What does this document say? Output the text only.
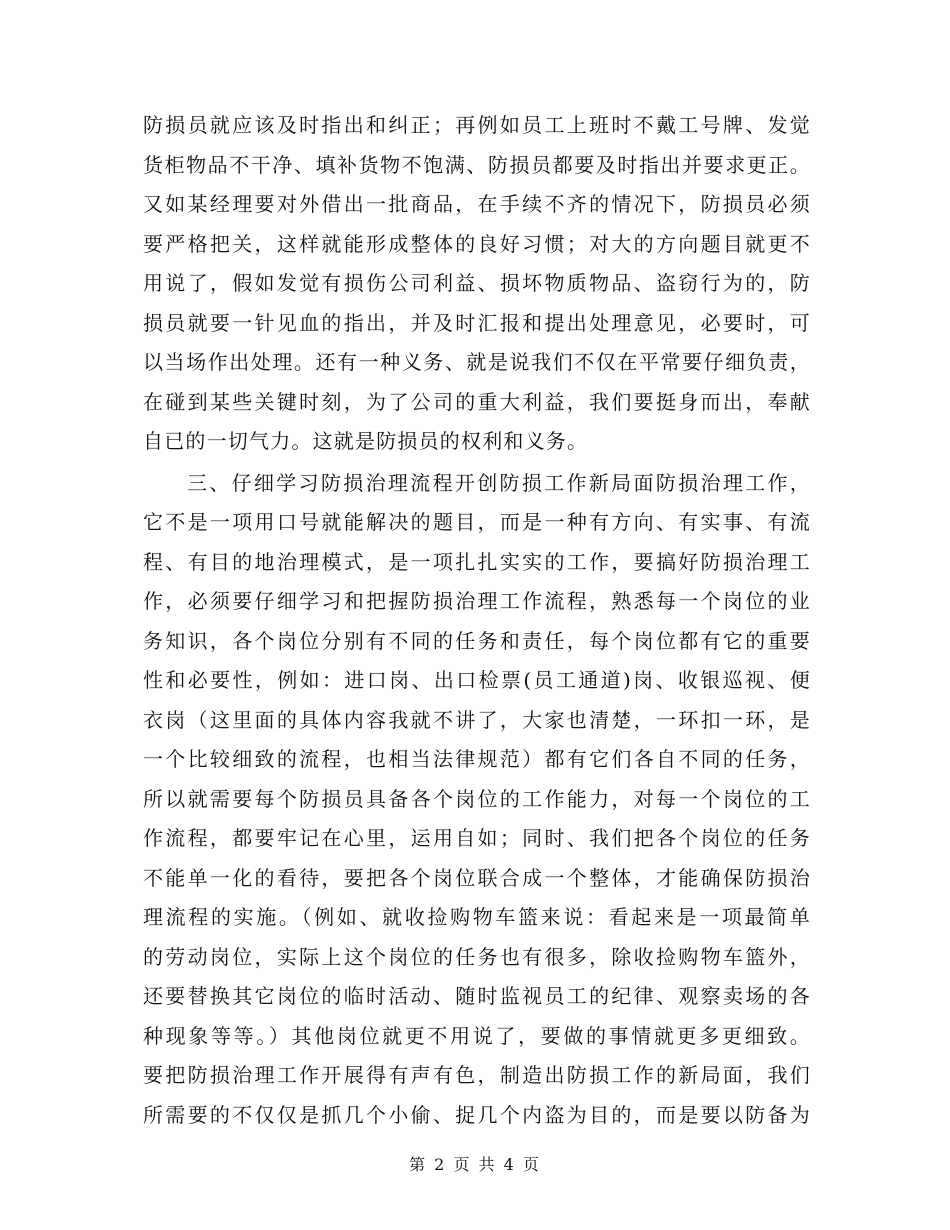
防损员就应该及时指出和纠正；再例如员工上班时不戴工号牌、发觉
货柜物品不干净、填补货物不饱满、防损员都要及时指出并要求更正。
又如某经理要对外借出一批商品，在手续不齐的情况下，防损员必须
要严格把关，这样就能形成整体的良好习惯；对大的方向题目就更不
用说了，假如发觉有损伤公司利益、损坏物质物品、盗窃行为的，防
损员就要一针见血的指出，并及时汇报和提出处理意见，必要时，可
以当场作出处理。还有一种义务、就是说我们不仅在平常要仔细负责，
在碰到某些关键时刻，为了公司的重大利益，我们要挺身而出，奉献
自已的一切气力。这就是防损员的权利和义务。
三、仔细学习防损治理流程开创防损工作新局面防损治理工作，
它不是一项用口号就能解决的题目，而是一种有方向、有实事、有流
程、有目的地治理模式，是一项扎扎实实的工作，要搞好防损治理工
作，必须要仔细学习和把握防损治理工作流程，熟悉每一个岗位的业
务知识，各个岗位分别有不同的任务和责任，每个岗位都有它的重要
性和必要性，例如：进口岗、出口检票(员工通道)岗、收银巡视、便
衣岗（这里面的具体内容我就不讲了，大家也清楚，一环扣一环，是
一个比较细致的流程，也相当法律规范）都有它们各自不同的任务，
所以就需要每个防损员具备各个岗位的工作能力，对每一个岗位的工
作流程，都要牢记在心里，运用自如；同时、我们把各个岗位的任务
不能单一化的看待，要把各个岗位联合成一个整体，才能确保防损治
理流程的实施。（例如、就收捡购物车篮来说：看起来是一项最简单
的劳动岗位，实际上这个岗位的任务也有很多，除收捡购物车篮外，
还要替换其它岗位的临时活动、随时监视员工的纪律、观察卖场的各
种现象等等。）其他岗位就更不用说了，要做的事情就更多更细致。
要把防损治理工作开展得有声有色，制造出防损工作的新局面，我们
所需要的不仅仅是抓几个小偷、捉几个内盗为目的，而是要以防备为
第 2 页 共 4 页
